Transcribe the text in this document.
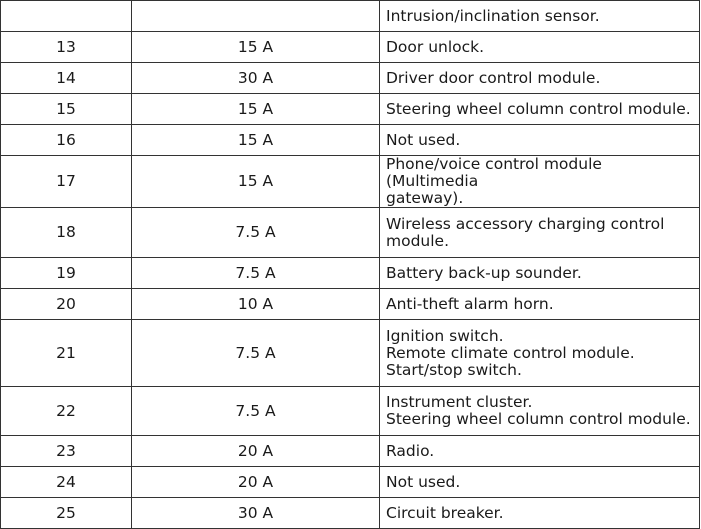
		Intrusion/inclination sensor.

13	15 A	Door unlock.

14	30 A	Driver door control module.

15	15 A	Steering wheel column control module.

16	15 A	Not used.

17	15 A	Phone/voice control module (Multimedia
gateway).

18	7.5 A	Wireless accessory charging control
module.

19	7.5 A	Battery back-up sounder.

20	10 A	Anti-theft alarm horn.

21	7.5 A	Ignition switch.
Remote climate control module.
Start/stop switch.

22	7.5 A	Instrument cluster.
Steering wheel column control module.

23	20 A	Radio.

24	20 A	Not used.

25	30 A	Circuit breaker.
